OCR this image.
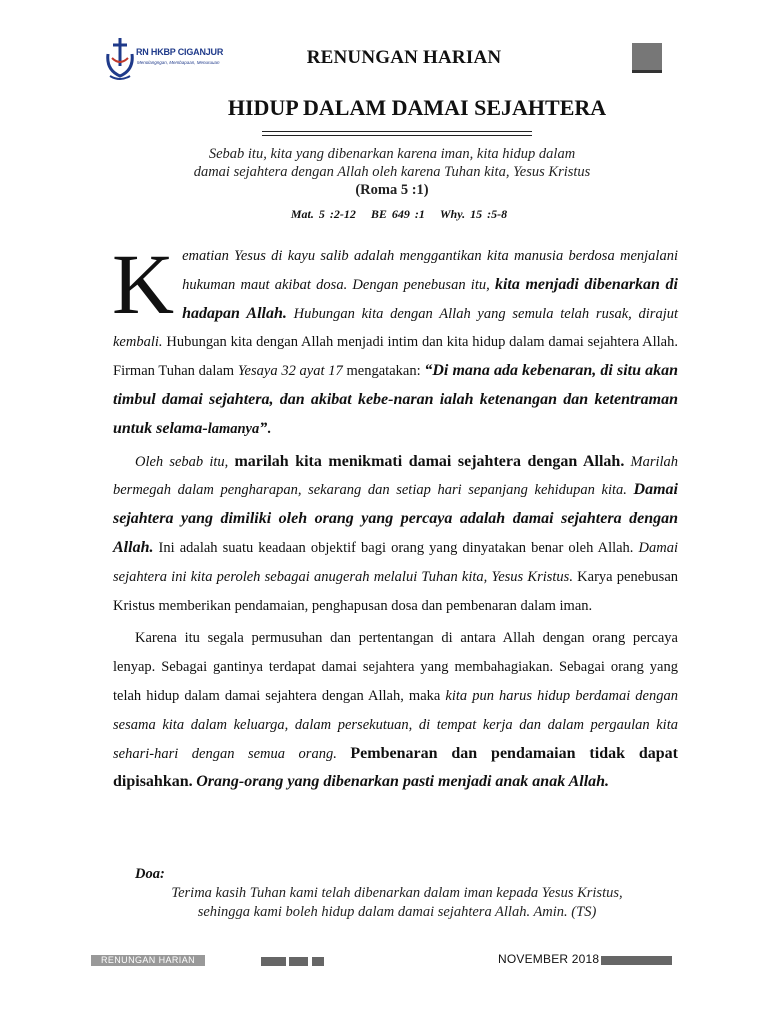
RN HKBP CIGANJUR
Menolangngan, Membapaan, Menuruuan	RENUNGAN HARIAN
HIDUP DALAM DAMAI SEJAHTERA
Sebab itu, kita yang dibenarkan karena iman, kita hidup dalam damai sejahtera dengan Allah oleh karena Tuhan kita, Yesus Kristus (Roma 5 :1)
Mat. 5 :2-12 BE 649 :1 Why. 15 :5-8

Kematian Yesus di kayu salib adalah menggantikan kita manusia berdosa menjalani hukuman maut akibat dosa. Dengan penebusan itu, kita menjadi dibenarkan di hadapan Allah. Hubungan kita dengan Allah yang semula telah rusak, dirajut kembali. Hubungan kita dengan Allah menjadi intim dan kita hidup dalam damai sejahtera Allah. Firman Tuhan dalam Yesaya 32 ayat 17 mengatakan: “Di mana ada kebenaran, di situ akan timbul damai sejahtera, dan akibat kebe-naran ialah ketenangan dan ketentraman untuk selama-lamanya”.

Oleh sebab itu, marilah kita menikmati damai sejahtera dengan Allah. Marilah bermegah dalam pengharapan, sekarang dan setiap hari sepanjang kehidupan kita. Damai sejahtera yang dimiliki oleh orang yang percaya adalah damai sejahtera dengan Allah. Ini adalah suatu keadaan objektif bagi orang yang dinyatakan benar oleh Allah. Damai sejahtera ini kita peroleh sebagai anugerah melalui Tuhan kita, Yesus Kristus. Karya penebusan Kristus memberikan pendamaian, penghapusan dosa dan pembenaran dalam iman.

Karena itu segala permusuhan dan pertentangan di antara Allah dengan orang percaya lenyap. Sebagai gantinya terdapat damai sejahtera yang membahagiakan. Sebagai orang yang telah hidup dalam damai sejahtera dengan Allah, maka kita pun harus hidup berdamai dengan sesama kita dalam keluarga, dalam persekutuan, di tempat kerja dan dalam pergaulan kita sehari-hari dengan semua orang. Pembenaran dan pendamaian tidak dapat dipisahkan. Orang-orang yang dibenarkan pasti menjadi anak anak Allah.

Doa:
Terima kasih Tuhan kami telah dibenarkan dalam iman kepada Yesus Kristus,
sehingga kami boleh hidup dalam damai sejahtera Allah. Amin. (TS)
RENUNGAN HARIAN	NOVEMBER 2018
